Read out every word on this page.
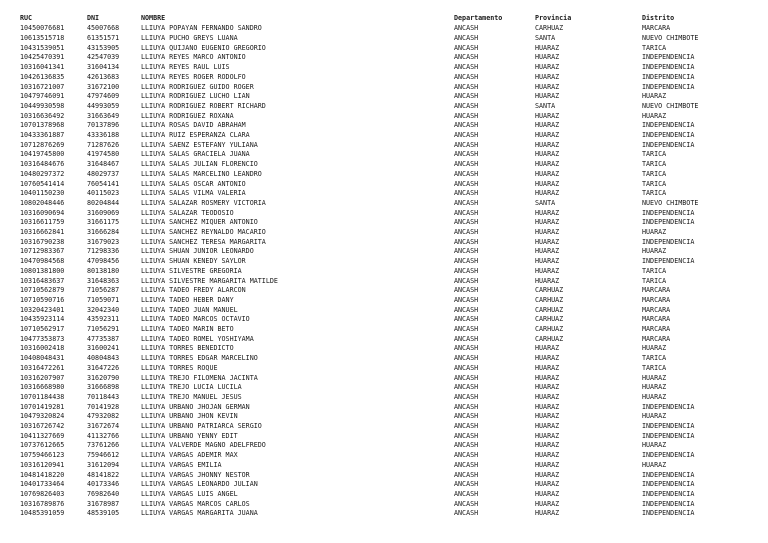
RUC	DNI	NOMBRE	Departamento	Provincia	Distrito
10450076681	45007668	LLIUYA POPAYAN FERNANDO SANDRO	ANCASH	CARHUAZ	MARCARA
10613515718	61351571	LLIUYA PUCHO GREYS LUANA	ANCASH	SANTA	NUEVO CHIMBOTE
10431539051	43153905	LLIUYA QUIJANO EUGENIO GREGORIO	ANCASH	HUARAZ	TARICA
10425470391	42547039	LLIUYA REYES MARCO ANTONIO	ANCASH	HUARAZ	INDEPENDENCIA
10316041341	31604134	LLIUYA REYES RAUL LUIS	ANCASH	HUARAZ	INDEPENDENCIA
10426136835	42613683	LLIUYA REYES ROGER RODOLFO	ANCASH	HUARAZ	INDEPENDENCIA
10316721007	31672100	LLIUYA RODRIGUEZ GUIDO ROGER	ANCASH	HUARAZ	INDEPENDENCIA
10479746091	47974609	LLIUYA RODRIGUEZ LUCHO LIAN	ANCASH	HUARAZ	HUARAZ
10449930598	44993059	LLIUYA RODRIGUEZ ROBERT RICHARD	ANCASH	SANTA	NUEVO CHIMBOTE
10316636492	31663649	LLIUYA RODRIGUEZ ROXANA	ANCASH	HUARAZ	HUARAZ
10701378968	70137896	LLIUYA ROSAS DAVID ABRAHAM	ANCASH	HUARAZ	INDEPENDENCIA
10433361887	43336188	LLIUYA RUIZ ESPERANZA CLARA	ANCASH	HUARAZ	INDEPENDENCIA
10712876269	71287626	LLIUYA SAENZ ESTEFANY YULIANA	ANCASH	HUARAZ	INDEPENDENCIA
10419745800	41974580	LLIUYA SALAS GRACIELA JUANA	ANCASH	HUARAZ	TARICA
10316484676	31648467	LLIUYA SALAS JULIAN FLORENCIO	ANCASH	HUARAZ	TARICA
10480297372	48029737	LLIUYA SALAS MARCELINO LEANDRO	ANCASH	HUARAZ	TARICA
10760541414	76054141	LLIUYA SALAS OSCAR ANTONIO	ANCASH	HUARAZ	TARICA
10401150230	40115023	LLIUYA SALAS VILMA VALERIA	ANCASH	HUARAZ	TARICA
10802048446	80204844	LLIUYA SALAZAR ROSMERY VICTORIA	ANCASH	SANTA	NUEVO CHIMBOTE
10316090694	31609069	LLIUYA SALAZAR TEODOSIO	ANCASH	HUARAZ	INDEPENDENCIA
10316611759	31661175	LLIUYA SANCHEZ MIQUER ANTONIO	ANCASH	HUARAZ	INDEPENDENCIA
10316662841	31666284	LLIUYA SANCHEZ REYNALDO MACARIO	ANCASH	HUARAZ	HUARAZ
10316790238	31679023	LLIUYA SANCHEZ TERESA MARGARITA	ANCASH	HUARAZ	INDEPENDENCIA
10712983367	71298336	LLIUYA SHUAN JUNIOR LEONARDO	ANCASH	HUARAZ	HUARAZ
10470984568	47098456	LLIUYA SHUAN KENEDY SAYLOR	ANCASH	HUARAZ	INDEPENDENCIA
10801381800	80138180	LLIUYA SILVESTRE GREGORIA	ANCASH	HUARAZ	TARICA
10316483637	31648363	LLIUYA SILVESTRE MARGARITA MATILDE	ANCASH	HUARAZ	TARICA
10710562879	71056287	LLIUYA TADEO FREDY ALARCON	ANCASH	CARHUAZ	MARCARA
10710590716	71059071	LLIUYA TADEO HEBER DANY	ANCASH	CARHUAZ	MARCARA
10320423401	32042340	LLIUYA TADEO JUAN MANUEL	ANCASH	CARHUAZ	MARCARA
10435923114	43592311	LLIUYA TADEO MARCOS OCTAVIO	ANCASH	CARHUAZ	MARCARA
10710562917	71056291	LLIUYA TADEO MARIN BETO	ANCASH	CARHUAZ	MARCARA
10477353873	47735387	LLIUYA TADEO ROMEL YOSHIYAMA	ANCASH	CARHUAZ	MARCARA
10316002418	31600241	LLIUYA TORRES BENEDICTO	ANCASH	HUARAZ	HUARAZ
10408048431	40804843	LLIUYA TORRES EDGAR MARCELINO	ANCASH	HUARAZ	TARICA
10316472261	31647226	LLIUYA TORRES ROQUE	ANCASH	HUARAZ	TARICA
10316207907	31620790	LLIUYA TREJO FILOMENA JACINTA	ANCASH	HUARAZ	HUARAZ
10316668980	31666898	LLIUYA TREJO LUCIA LUCILA	ANCASH	HUARAZ	HUARAZ
10701184438	70118443	LLIUYA TREJO MANUEL JESUS	ANCASH	HUARAZ	HUARAZ
10701419281	70141928	LLIUYA URBANO JHOJAN GERMAN	ANCASH	HUARAZ	INDEPENDENCIA
10479320824	47932082	LLIUYA URBANO JHON KEVIN	ANCASH	HUARAZ	HUARAZ
10316726742	31672674	LLIUYA URBANO PATRIARCA SERGIO	ANCASH	HUARAZ	INDEPENDENCIA
10411327669	41132766	LLIUYA URBANO YENNY EDIT	ANCASH	HUARAZ	INDEPENDENCIA
10737612665	73761266	LLIUYA VALVERDE MAGNO ADELFREDO	ANCASH	HUARAZ	HUARAZ
10759466123	75946612	LLIUYA VARGAS ADEMIR MAX	ANCASH	HUARAZ	INDEPENDENCIA
10316120941	31612094	LLIUYA VARGAS EMILIA	ANCASH	HUARAZ	HUARAZ
10481418220	48141822	LLIUYA VARGAS JHONNY NESTOR	ANCASH	HUARAZ	INDEPENDENCIA
10401733464	40173346	LLIUYA VARGAS LEONARDO JULIAN	ANCASH	HUARAZ	INDEPENDENCIA
10769826403	76982640	LLIUYA VARGAS LUIS ANGEL	ANCASH	HUARAZ	INDEPENDENCIA
10316789876	31678987	LLIUYA VARGAS MARCOS CARLOS	ANCASH	HUARAZ	INDEPENDENCIA
10485391059	48539105	LLIUYA VARGAS MARGARITA JUANA	ANCASH	HUARAZ	INDEPENDENCIA
